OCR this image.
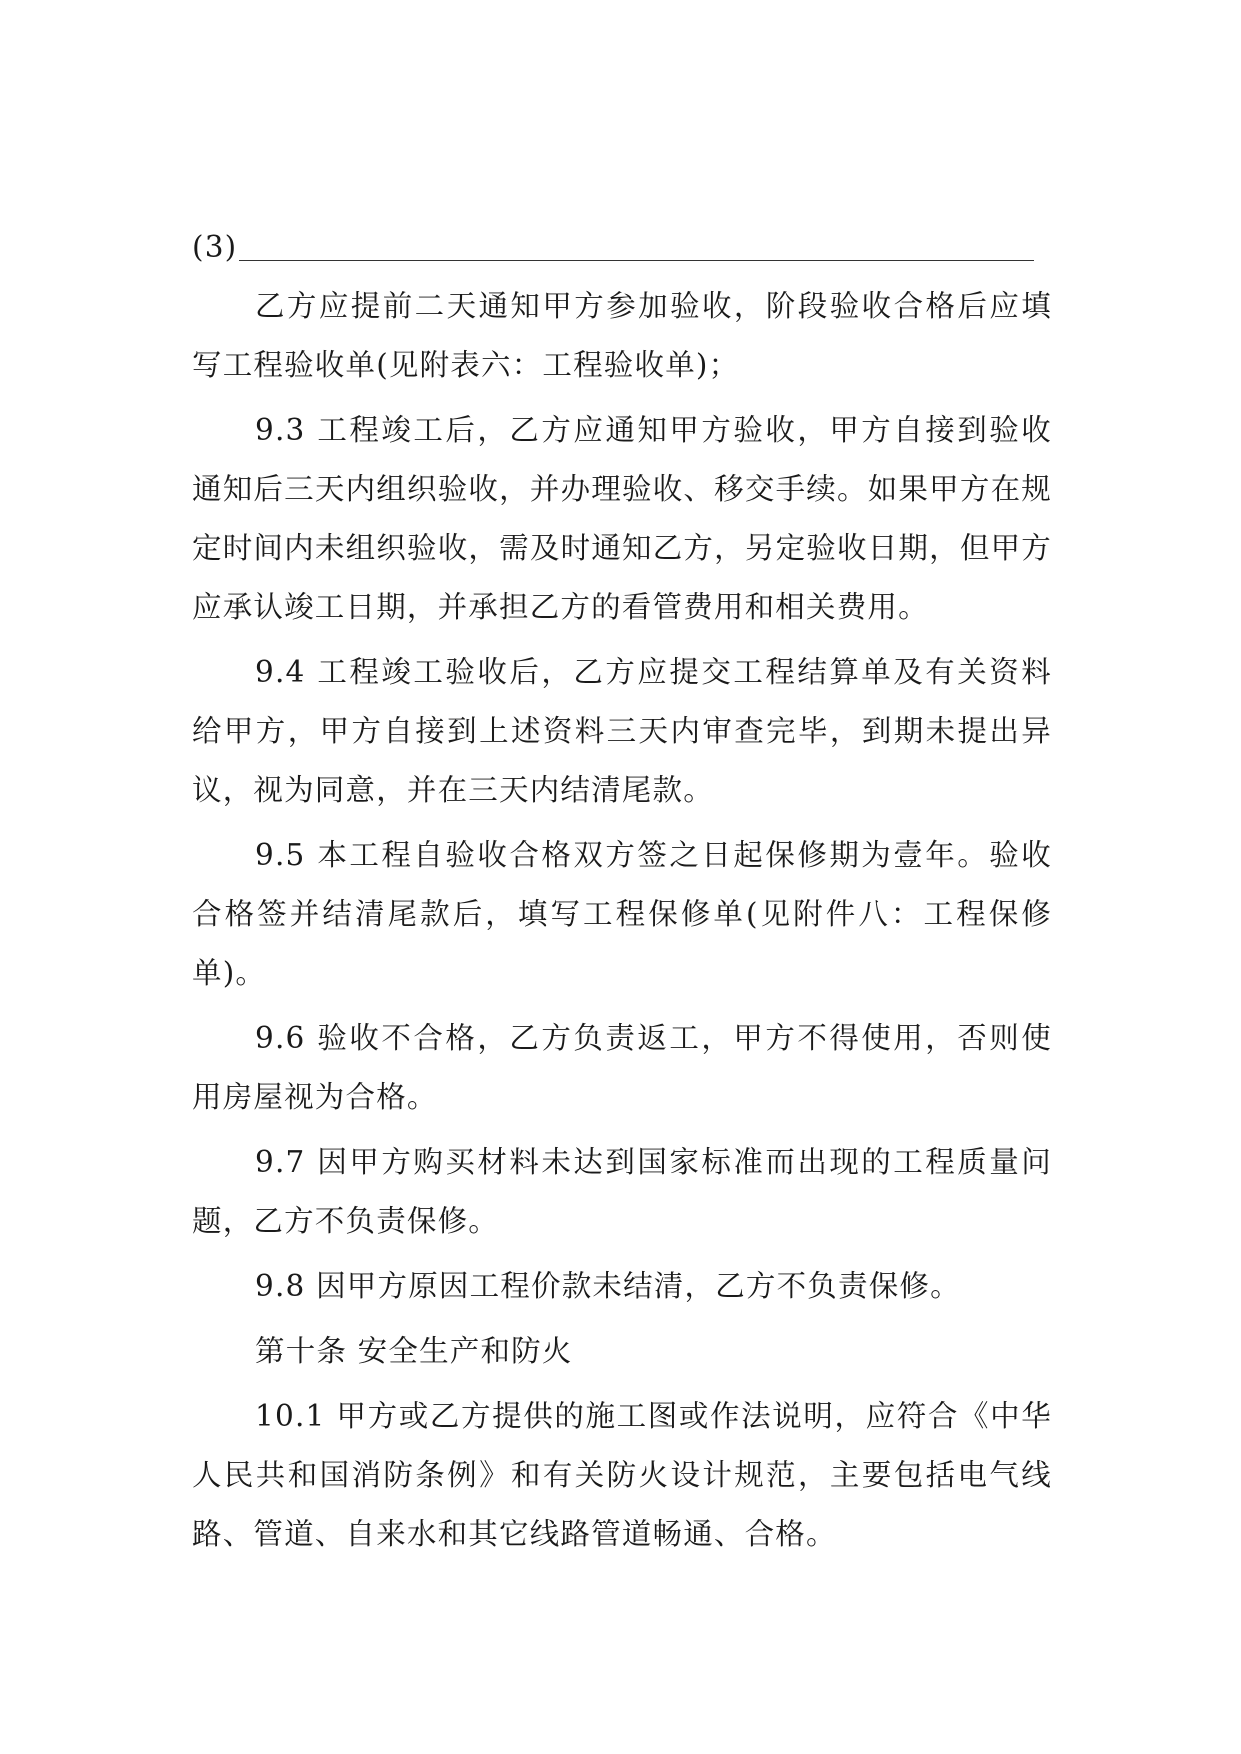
(3)

乙方应提前二天通知甲方参加验收，阶段验收合格后应填写工程验收单(见附表六：工程验收单)；

9.3 工程竣工后，乙方应通知甲方验收，甲方自接到验收通知后三天内组织验收，并办理验收、移交手续。如果甲方在规定时间内未组织验收，需及时通知乙方，另定验收日期，但甲方应承认竣工日期，并承担乙方的看管费用和相关费用。

9.4 工程竣工验收后，乙方应提交工程结算单及有关资料给甲方，甲方自接到上述资料三天内审查完毕，到期未提出异议，视为同意，并在三天内结清尾款。

9.5 本工程自验收合格双方签之日起保修期为壹年。验收合格签并结清尾款后，填写工程保修单(见附件八：工程保修单)。

9.6 验收不合格，乙方负责返工，甲方不得使用，否则使用房屋视为合格。

9.7 因甲方购买材料未达到国家标准而出现的工程质量问题，乙方不负责保修。

9.8 因甲方原因工程价款未结清，乙方不负责保修。

第十条 安全生产和防火

10.1 甲方或乙方提供的施工图或作法说明，应符合《中华人民共和国消防条例》和有关防火设计规范，主要包括电气线路、管道、自来水和其它线路管道畅通、合格。
